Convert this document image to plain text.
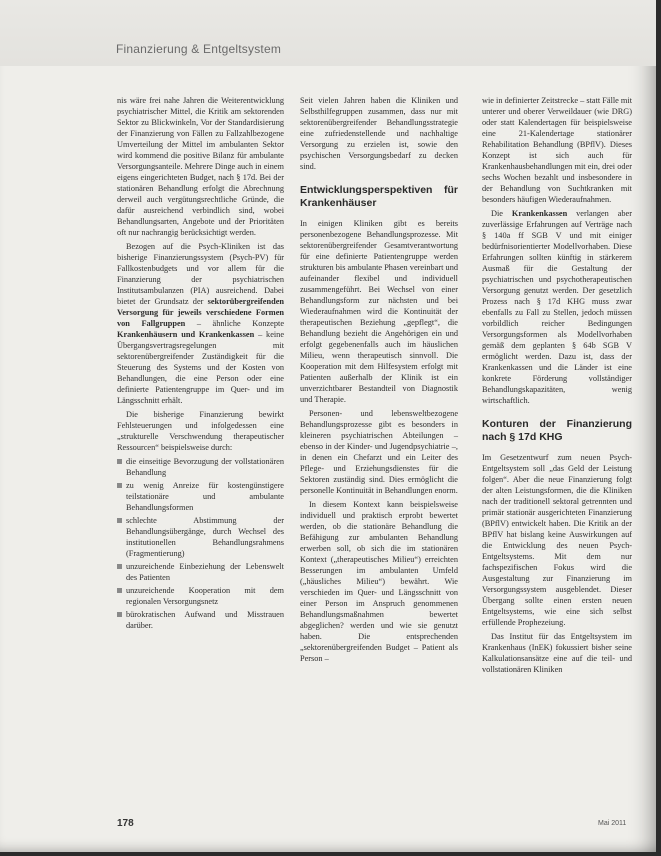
Finanzierung & Entgeltsystem

nis wäre frei nahe Jahren die Weiterentwicklung psychiatrischer Mittel, die Kritik am sektorenden Sektor zu Blickwinkeln, Vor der Standardisierung der Finanzierung von Fällen zu Fallzahlbezogene Umverteilung der Mittel im ambulanten Sektor wird kommend die positive Bilanz für ambulante Versorgungsanteile. Mehrere Dinge auch in einem eigens eingerichteten Budget, nach § 17d. Bei der stationären Behandlung erfolgt die Abrechnung derweil auch vergütungsrechtliche Gründe, die dafür ausreichend verbindlich sind, wobei Behandlungsarten, Angebote und der Prioritäten oft nur nachrangig berücksichtigt werden.

Bezogen auf die Psych-Kliniken ist das bisherige Finanzierungssystem (Psych-PV) für Fallkostenbudgets und vor allem für die Finanzierung der psychiatrischen Institutsambulanzen (PIA) ausreichend. Dabei bietet der Grundsatz der sektorübergreifenden Versorgung für jeweils verschiedene Formen von Fallgruppen – ähnliche Konzepte Krankenhäusern und Krankenkassen – keine Übergangsvertragsregelungen mit sektorenübergreifender Zuständigkeit für die Steuerung des Systems und der Kosten von Behandlungen, die eine Person oder eine definierte Patientengruppe im Quer- und im Längsschnitt erhält.

Die bisherige Finanzierung bewirkt Fehlsteuerungen und infolgedessen eine „strukturelle Verschwendung therapeutischer Ressourcen“ beispielsweise durch:

die einseitige Bevorzugung der vollstationären Behandlung
zu wenig Anreize für kostengünstigere teilstationäre und ambulante Behandlungsformen
schlechte Abstimmung der Behandlungsübergänge, durch Wechsel des institutionellen Behandlungsrahmens (Fragmentierung)
unzureichende Einbeziehung der Lebenswelt des Patienten
unzureichende Kooperation mit dem regionalen Versorgungsnetz
bürokratischen Aufwand und Misstrauen darüber.

Seit vielen Jahren haben die Kliniken und Selbsthilfegruppen zusammen, dass nur mit sektorenübergreifender Behandlungsstrategie eine zufriedenstellende und nachhaltige Versorgung zu erzielen ist, sowie den psychischen Versorgungsbedarf zu decken sind.

Entwicklungsperspektiven für Krankenhäuser

In einigen Kliniken gibt es bereits personenbezogene Behandlungsprozesse. Mit sektorenübergreifender Gesamtverantwortung für eine definierte Patientengruppe werden strukturen bis ambulante Phasen vereinbart und aufeinander flexibel und individuell zusammengeführt. Bei Wechsel von einer Behandlungsform zur nächsten und bei Wiederaufnahmen wird die Kontinuität der therapeutischen Beziehung „gepflegt“, die Behandlung bezieht die Angehörigen ein und erfolgt gegebenenfalls auch im häuslichen Milieu, wenn therapeutisch sinnvoll. Die Kooperation mit dem Hilfesystem erfolgt mit Patienten außerhalb der Klinik ist ein unverzichtbarer Bestandteil von Diagnostik und Therapie.

Personen- und lebensweltbezogene Behandlungsprozesse gibt es besonders in kleineren psychiatrischen Abteilungen – ebenso in der Kinder- und Jugendpsychiatrie –, in denen ein Chefarzt und ein Leiter des Pflege- und Erziehungsdienstes für die Sektoren zuständig sind. Dies ermöglicht die personelle Kontinuität in Behandlungen enorm.

In diesem Kontext kann beispielsweise individuell und praktisch erprobt bewertet werden, ob die stationäre Behandlung die Befähigung zur ambulanten Behandlung erwerben soll, ob sich die im stationären Kontext („therapeutisches Milieu“) erreichten Besserungen im ambulanten Umfeld („häusliches Milieu“) bewährt. Wie verschieden im Quer- und Längsschnitt von einer Person im Anspruch genommenen Behandlungsmaßnahmen bewertet abgeglichen? werden und wie sie genutzt haben. Die entsprechenden „sektorenübergreifenden Budget – Patient als Person –

wie in definierter Zeitstrecke – statt Fälle mit unterer und oberer Verweildauer (wie DRG) oder statt Kalendertagen für beispielsweise eine 21-Kalendertage stationärer Rehabilitation Behandlung (BPflV). Dieses Konzept ist sich auch für Krankenhausbehandlungen mit ein, drei oder sechs Wochen bezahlt und insbesondere in der Behandlung von Suchtkranken mit besonders häufigen Wiederaufnahmen.

Die Krankenkassen verlangen aber zuverlässige Erfahrungen auf Verträge nach § 140a ff SGB V und mit einiger bedürfnisorientierter Modellvorhaben. Diese Erfahrungen sollten künftig in stärkerem Ausmaß für die Gestaltung der psychiatrischen und psychotherapeutischen Versorgung genutzt werden. Der gesetzlich Prozess nach § 17d KHG muss zwar ebenfalls zu Fall zu Stellen, jedoch müssen vorbildlich reicher Bedingungen Versorgungsformen als Modellvorhaben gemäß dem geplanten § 64b SGB V ermöglicht werden. Dazu ist, dass der Krankenkassen und die Länder ist eine konkrete Förderung vollständiger Behandlungskapazitäten, wenig wirtschaftlich.

Konturen der Finanzierung nach § 17d KHG

Im Gesetzentwurf zum neuen Psych-Entgeltsystem soll „das Geld der Leistung folgen“. Aber die neue Finanzierung folgt der alten Leistungsformen, die die Kliniken nach der traditionell sektoral getrennten und primär stationär ausgerichteten Finanzierung (BPflV) entwickelt haben. Die Kritik an der BPflV hat bislang keine Auswirkungen auf die Entwicklung des neuen Psych-Entgeltsystems. Mit dem nur fachspezifischen Fokus wird die Ausgestaltung zur Finanzierung im Versorgungssystem ausgeblendet. Dieser Übergang sollte einen ersten neuen Entgeltsystems, wie eine sich selbst erfüllende Prophezeiung.

Das Institut für das Entgeltsystem im Krankenhaus (InEK) fokussiert bisher seine Kalkulationsansätze eine auf die teil- und vollstationären Kliniken

178	Mai 2011
